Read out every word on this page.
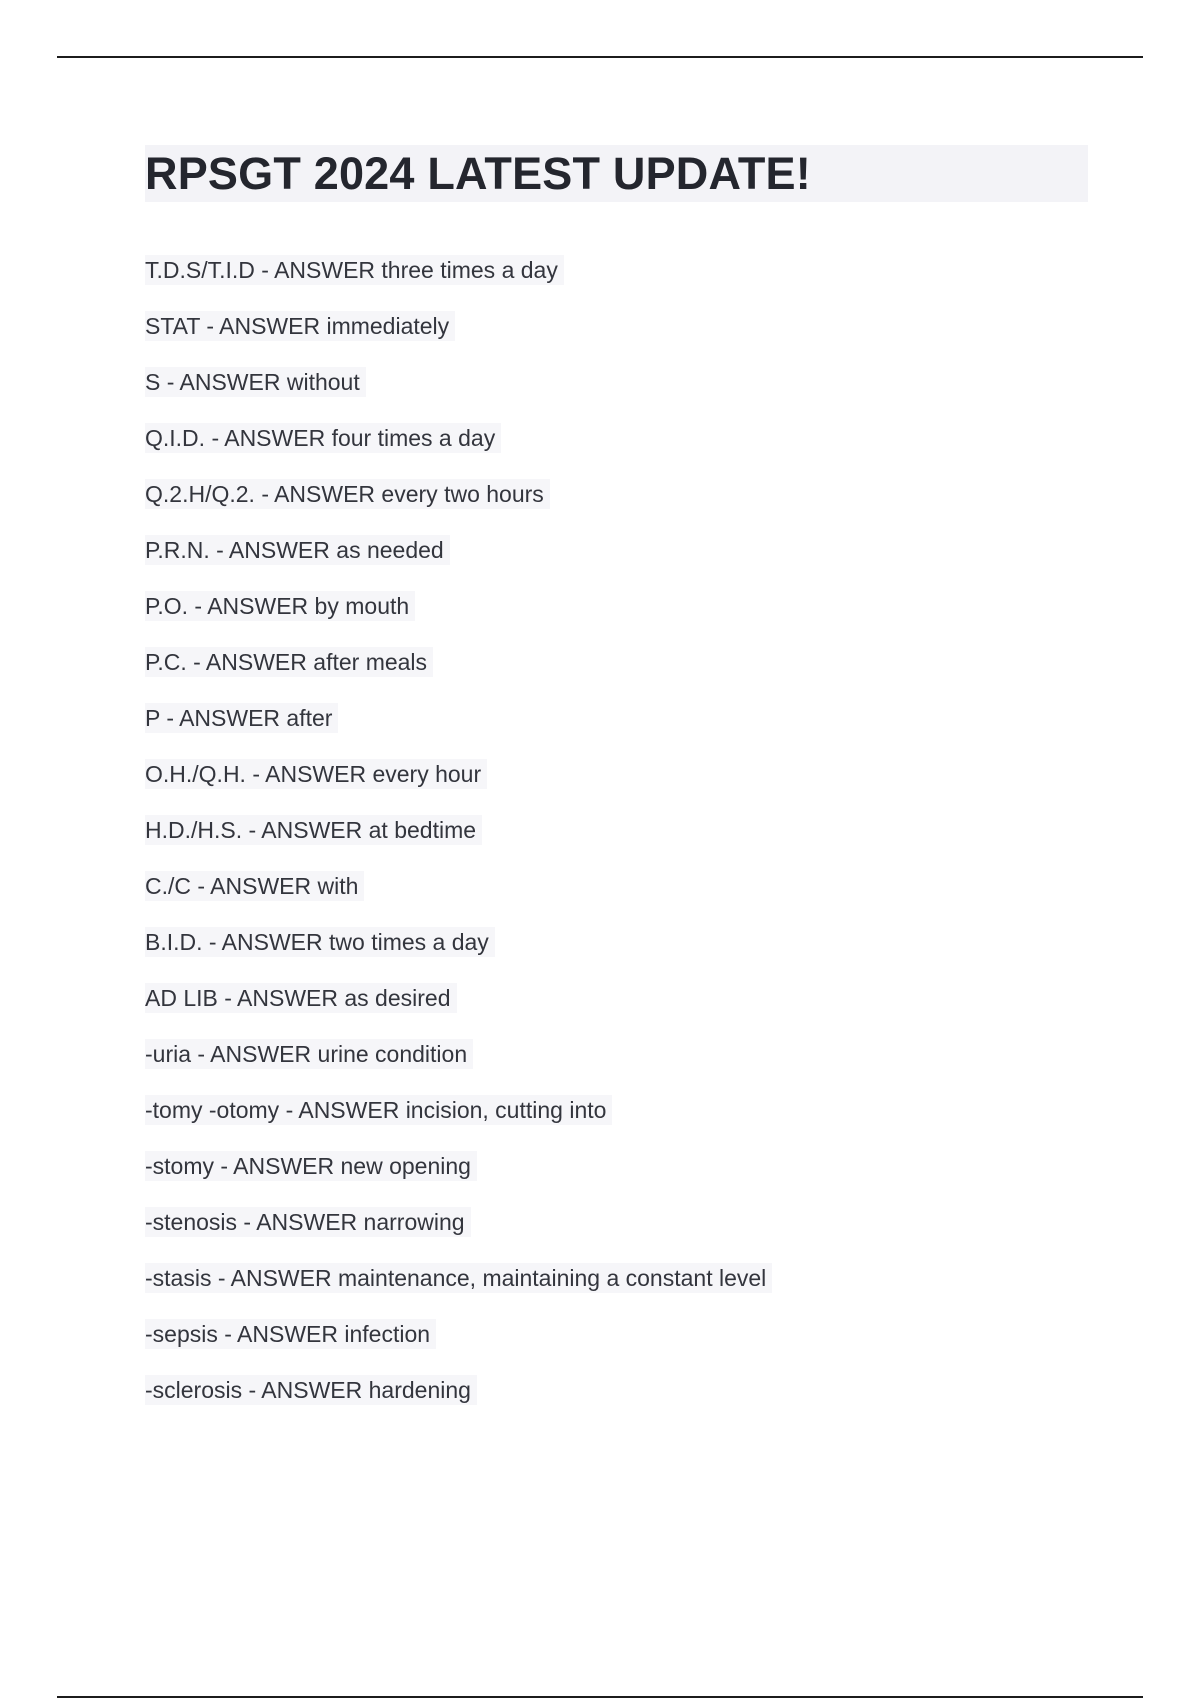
RPSGT 2024 LATEST UPDATE!
T.D.S/T.I.D - ANSWER three times a day
STAT - ANSWER immediately
S - ANSWER without
Q.I.D. - ANSWER four times a day
Q.2.H/Q.2. - ANSWER every two hours
P.R.N. - ANSWER as needed
P.O. - ANSWER by mouth
P.C. - ANSWER after meals
P - ANSWER after
O.H./Q.H. - ANSWER every hour
H.D./H.S. - ANSWER at bedtime
C./C - ANSWER with
B.I.D. - ANSWER two times a day
AD LIB - ANSWER as desired
-uria - ANSWER urine condition
-tomy -otomy - ANSWER incision, cutting into
-stomy - ANSWER new opening
-stenosis - ANSWER narrowing
-stasis - ANSWER maintenance, maintaining a constant level
-sepsis - ANSWER infection
-sclerosis - ANSWER hardening
